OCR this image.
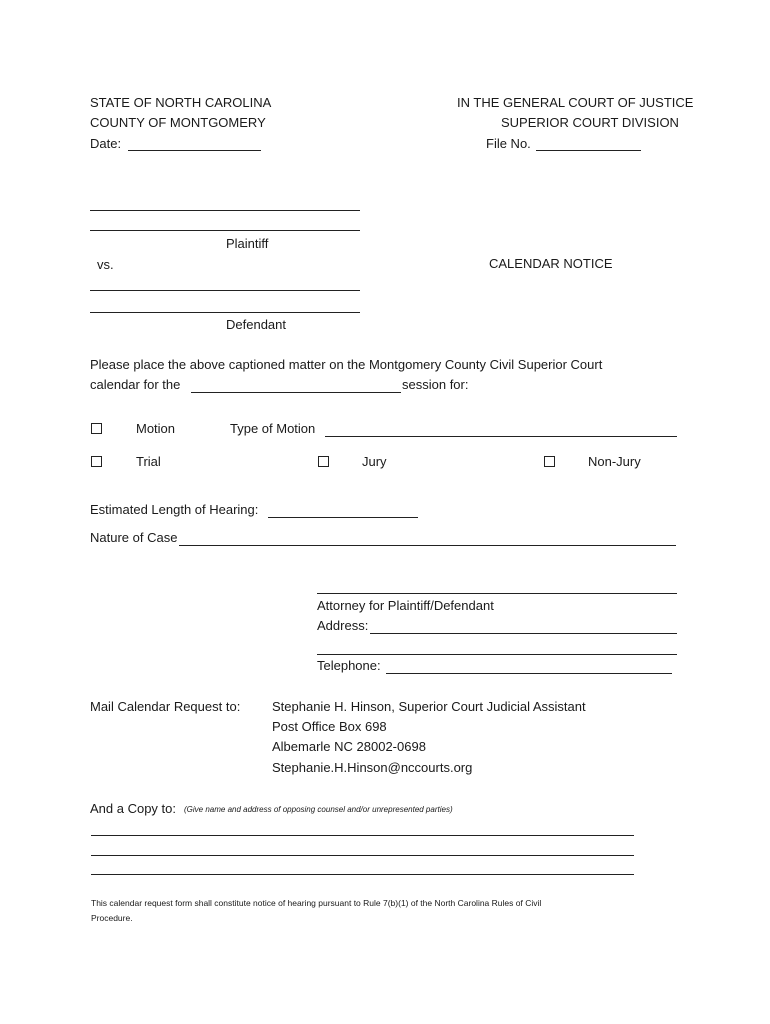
STATE OF NORTH CAROLINA
COUNTY OF MONTGOMERY
Date:
IN THE GENERAL COURT OF JUSTICE
SUPERIOR COURT DIVISION
File No.
Plaintiff
vs.	CALENDAR NOTICE
Defendant
Please place the above captioned matter on the Montgomery County Civil Superior Court
calendar for the	session for:
Motion	Type of Motion
Trial	Jury	Non-Jury
Estimated Length of Hearing:
Nature of Case
Attorney for Plaintiff/Defendant
Address:
Telephone:
Mail Calendar Request to: Stephanie H. Hinson, Superior Court Judicial Assistant
Post Office Box 698
Albemarle NC 28002-0698
Stephanie.H.Hinson@nccourts.org
And a Copy to: (Give name and address of opposing counsel and/or unrepresented parties)
This calendar request form shall constitute notice of hearing pursuant to Rule 7(b)(1) of the North Carolina Rules of Civil
Procedure.
